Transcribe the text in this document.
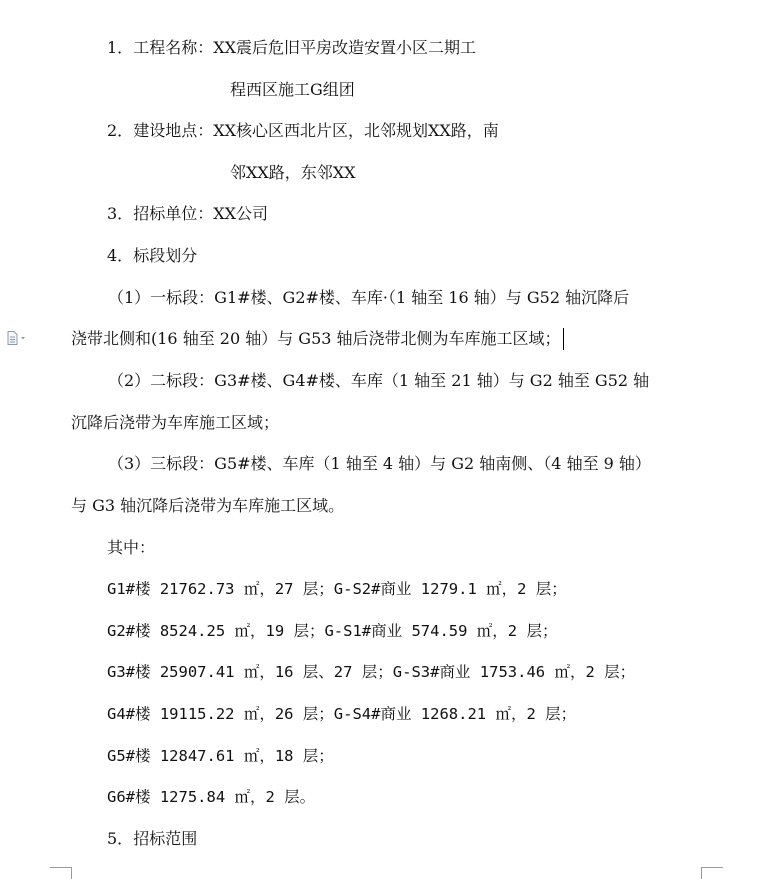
1．工程名称：XX震后危旧平房改造安置小区二期工
程西区施工G组团
2．建设地点：XX核心区西北片区，北邻规划XX路，南
邻XX路，东邻XX
3．招标单位：XX公司
4．标段划分
（1）一标段：G1#楼、G2#楼、车库·（1 轴至 16 轴）与 G52 轴沉降后
浇带北侧和(16 轴至 20 轴）与 G53 轴后浇带北侧为车库施工区域；
（2）二标段：G3#楼、G4#楼、车库（1 轴至 21 轴）与 G2 轴至 G52 轴
沉降后浇带为车库施工区域；
（3）三标段：G5#楼、车库（1 轴至 4 轴）与 G2 轴南侧、（4 轴至 9 轴）
与 G3 轴沉降后浇带为车库施工区域。
其中：
G1#楼 21762.73 ㎡，27 层；G-S2#商业 1279.1 ㎡，2 层；
G2#楼 8524.25 ㎡，19 层；G-S1#商业 574.59 ㎡，2 层；
G3#楼 25907.41 ㎡，16 层、27 层；G-S3#商业 1753.46 ㎡，2 层；
G4#楼 19115.22 ㎡，26 层；G-S4#商业 1268.21 ㎡，2 层；
G5#楼 12847.61 ㎡，18 层；
G6#楼 1275.84 ㎡，2 层。
5．招标范围
